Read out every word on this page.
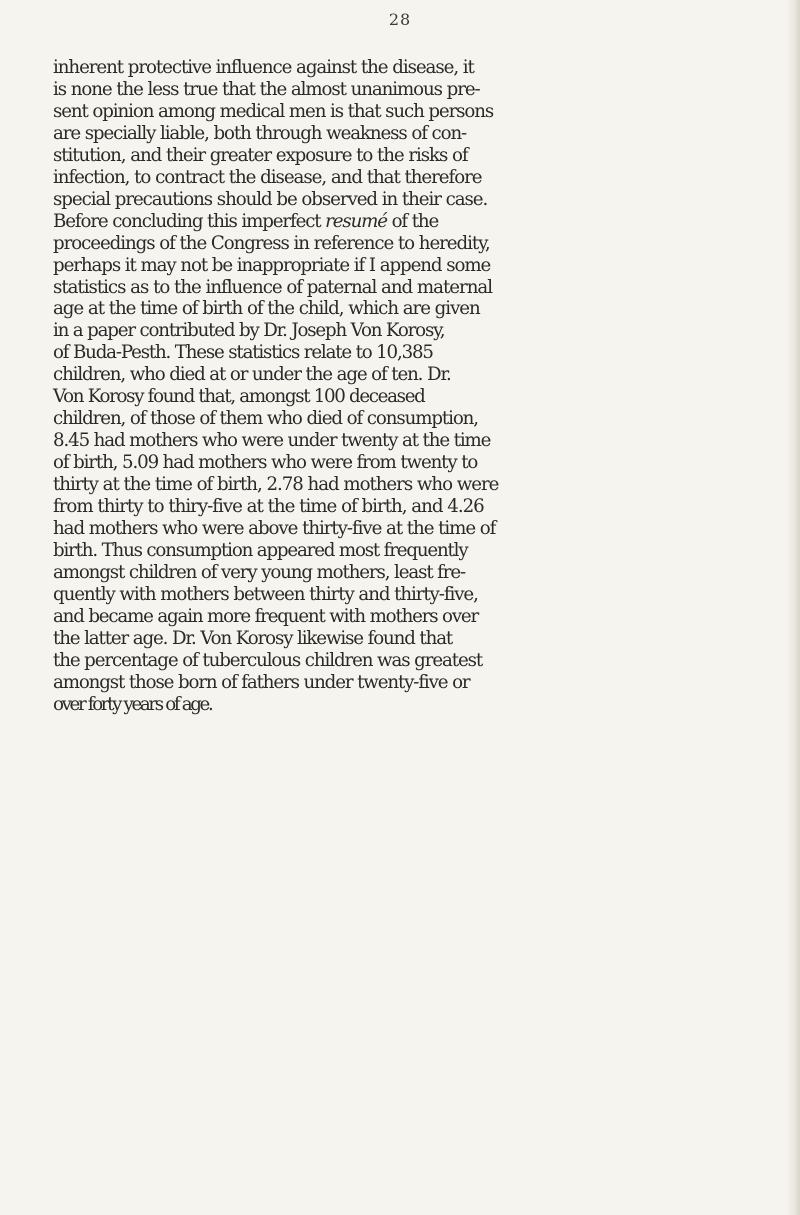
28
inherent protective influence against the disease, it
is none the less true that the almost unanimous pre-
sent opinion among medical men is that such persons
are specially liable, both through weakness of con-
stitution, and their greater exposure to the risks of
infection, to contract the disease, and that therefore
special precautions should be observed in their case.
Before concluding this imperfect resumé of the
proceedings of the Congress in reference to heredity,
perhaps it may not be inappropriate if I append some
statistics as to the influence of paternal and maternal
age at the time of birth of the child, which are given
in a paper contributed by Dr. Joseph Von Korosy,
of Buda-Pesth. These statistics relate to 10,385
children, who died at or under the age of ten. Dr.
Von Korosy found that, amongst 100 deceased
children, of those of them who died of consumption,
8.45 had mothers who were under twenty at the time
of birth, 5.09 had mothers who were from twenty to
thirty at the time of birth, 2.78 had mothers who were
from thirty to thiry-five at the time of birth, and 4.26
had mothers who were above thirty-five at the time of
birth. Thus consumption appeared most frequently
amongst children of very young mothers, least fre-
quently with mothers between thirty and thirty-five,
and became again more frequent with mothers over
the latter age. Dr. Von Korosy likewise found that
the percentage of tuberculous children was greatest
amongst those born of fathers under twenty-five or
over forty years of age.
